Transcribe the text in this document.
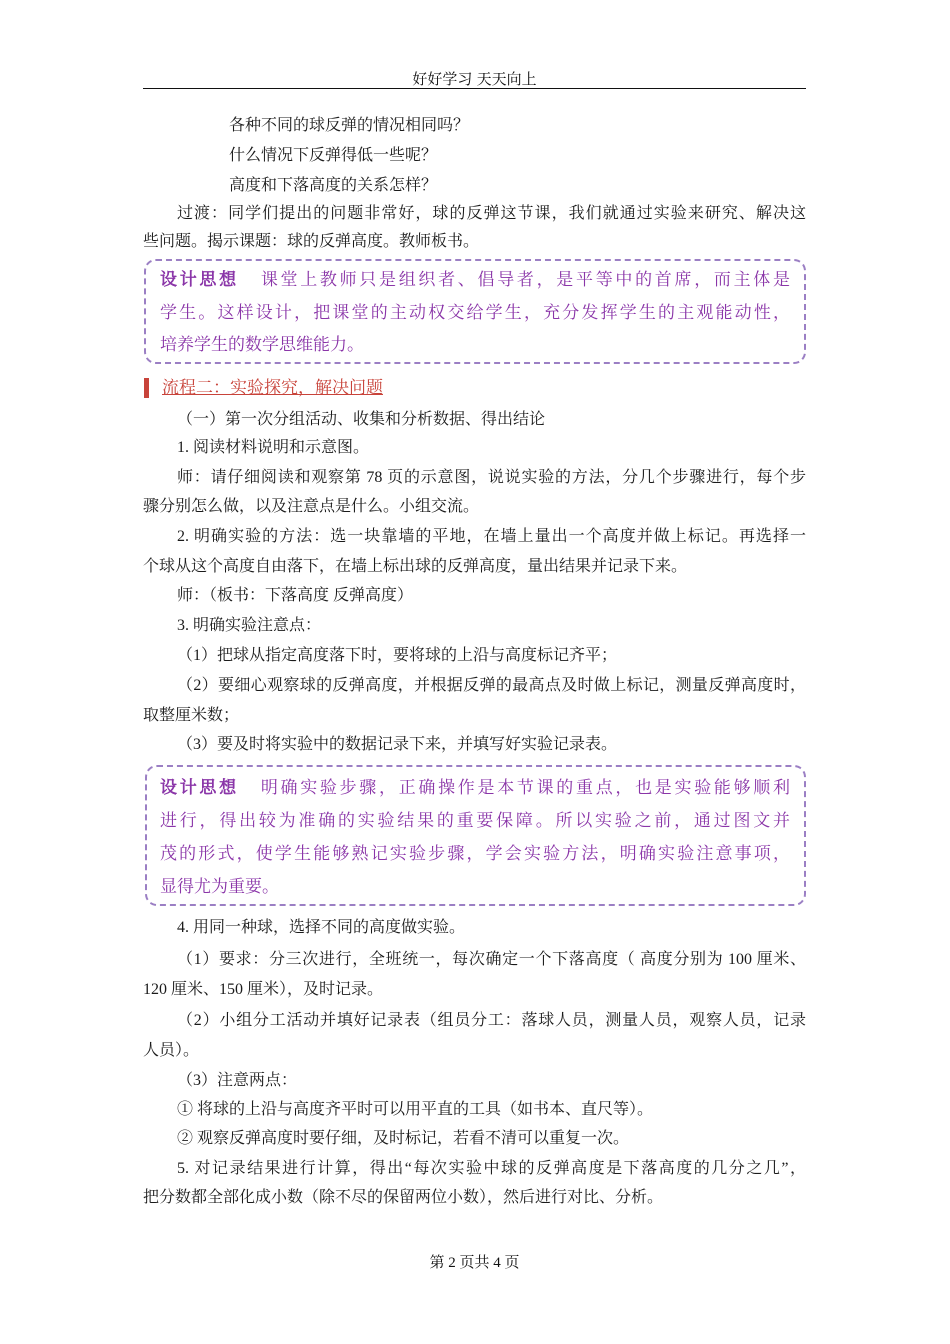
好好学习 天天向上
各种不同的球反弹的情况相同吗？
什么情况下反弹得低一些呢？
高度和下落高度的关系怎样？
过渡：同学们提出的问题非常好，球的反弹这节课，我们就通过实验来研究、解决这
些问题。揭示课题：球的反弹高度。教师板书。
设计思想 课堂上教师只是组织者、倡导者，是平等中的首席，而主体是
学生。这样设计，把课堂的主动权交给学生，充分发挥学生的主观能动性，
培养学生的数学思维能力。
流程二：实验探究，解决问题
（一）第一次分组活动、收集和分析数据、得出结论
1. 阅读材料说明和示意图。
师：请仔细阅读和观察第 78 页的示意图，说说实验的方法，分几个步骤进行，每个步
骤分别怎么做，以及注意点是什么。小组交流。
2. 明确实验的方法：选一块靠墙的平地，在墙上量出一个高度并做上标记。再选择一
个球从这个高度自由落下，在墙上标出球的反弹高度，量出结果并记录下来。
师：（板书：下落高度 反弹高度）
3. 明确实验注意点：
（1）把球从指定高度落下时，要将球的上沿与高度标记齐平；
（2）要细心观察球的反弹高度，并根据反弹的最高点及时做上标记，测量反弹高度时，
取整厘米数；
（3）要及时将实验中的数据记录下来，并填写好实验记录表。
设计思想 明确实验步骤，正确操作是本节课的重点，也是实验能够顺利
进行，得出较为准确的实验结果的重要保障。所以实验之前，通过图文并
茂的形式，使学生能够熟记实验步骤，学会实验方法，明确实验注意事项，
显得尤为重要。
4. 用同一种球，选择不同的高度做实验。
（1）要求：分三次进行，全班统一，每次确定一个下落高度（ 高度分别为 100 厘米、
120 厘米、150 厘米），及时记录。
（2）小组分工活动并填好记录表（组员分工：落球人员，测量人员，观察人员，记录
人员）。
（3）注意两点：
① 将球的上沿与高度齐平时可以用平直的工具（如书本、直尺等）。
② 观察反弹高度时要仔细，及时标记，若看不清可以重复一次。
5. 对记录结果进行计算，得出“每次实验中球的反弹高度是下落高度的几分之几”，
把分数都全部化成小数（除不尽的保留两位小数），然后进行对比、分析。
第 2 页共 4 页
